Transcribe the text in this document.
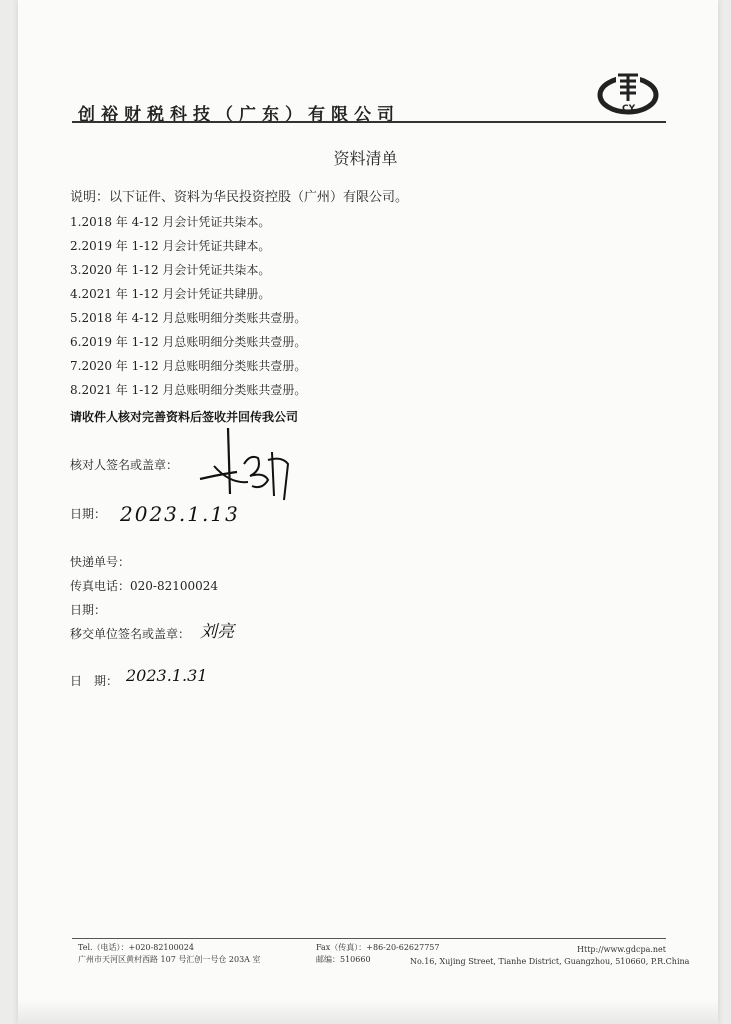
创裕财税科技（广东）有限公司	CY
资料清单
说明：以下证件、资料为华民投资控股（广州）有限公司。
1.2018 年 4-12 月会计凭证共柒本。
2.2019 年 1-12 月会计凭证共肆本。
3.2020 年 1-12 月会计凭证共柒本。
4.2021 年 1-12 月会计凭证共肆册。
5.2018 年 4-12 月总账明细分类账共壹册。
6.2019 年 1-12 月总账明细分类账共壹册。
7.2020 年 1-12 月总账明细分类账共壹册。
8.2021 年 1-12 月总账明细分类账共壹册。
请收件人核对完善资料后签收并回传我公司
核对人签名或盖章：
日期： 2023.1.13
快递单号：
传真电话：020-82100024
日期：
移交单位签名或盖章： 刘亮
日　期： 2023.1.31
Tel.（电话）：+020-82100024
广州市天河区黄村西路 107 号汇创一号仓 203A 室
Fax（传真）：+86-20-62627757
邮编：510660
Http://www.gdcpa.net
No.16, Xujing Street, Tianhe District, Guangzhou, 510660, P.R.China
